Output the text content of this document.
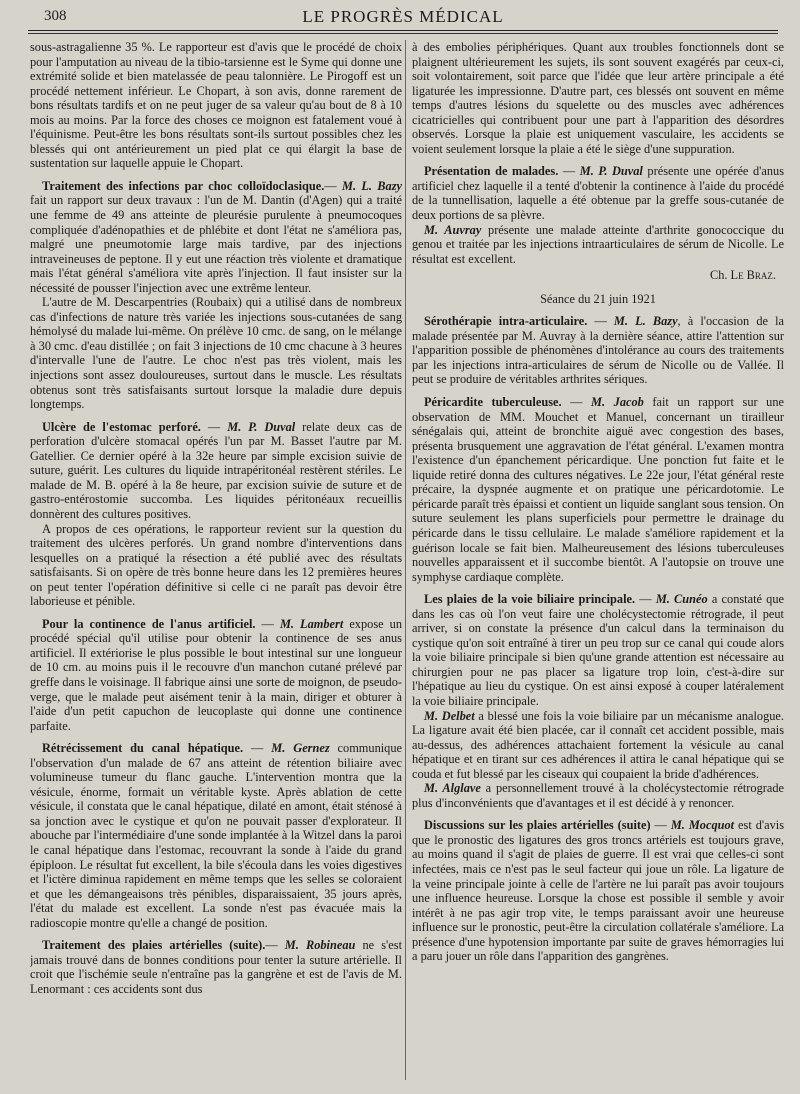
308	LE PROGRÈS MÉDICAL

sous-astragalienne 35 %. Le rapporteur est d'avis que le procédé de choix pour l'amputation au niveau de la tibio-tarsienne est le Syme qui donne une extrémité solide et bien matelassée de peau talonnière. Le Pirogoff est un procédé nettement inférieur. Le Chopart, à son avis, donne rarement de bons résultats tardifs et on ne peut juger de sa valeur qu'au bout de 8 à 10 mois au moins. Par la force des choses ce moignon est fatalement voué à l'équinisme. Peut-être les bons résultats sont-ils surtout possibles chez les blessés qui ont antérieurement un pied plat ce qui élargit la base de sustentation sur laquelle appuie le Chopart.

Traitement des infections par choc colloïdoclasique.— M. L. Bazy fait un rapport sur deux travaux : l'un de M. Dantin (d'Agen) qui a traité une femme de 49 ans atteinte de pleurésie purulente à pneumocoques compliquée d'adénopathies et de phlébite et dont l'état ne s'améliora pas, malgré une pneumotomie large mais tardive, par des injections intraveineuses de peptone. Il y eut une réaction très violente et dramatique mais l'état général s'améliora vite après l'injection. Il faut insister sur la nécessité de pousser l'injection avec une extrême lenteur.

L'autre de M. Descarpentries (Roubaix) qui a utilisé dans de nombreux cas d'infections de nature très variée les injections sous-cutanées de sang hémolysé du malade lui-même. On prélève 10 cmc. de sang, on le mélange à 30 cmc. d'eau distillée ; on fait 3 injections de 10 cmc chacune à 3 heures d'intervalle l'une de l'autre. Le choc n'est pas très violent, mais les injections sont assez douloureuses, surtout dans le muscle. Les résultats obtenus sont très satisfaisants surtout lorsque la maladie dure depuis longtemps.

Ulcère de l'estomac perforé. — M. P. Duval relate deux cas de perforation d'ulcère stomacal opérés l'un par M. Basset l'autre par M. Gatellier. Ce dernier opéré à la 32e heure par simple excision suivie de suture, guérit. Les cultures du liquide intrapéritonéal restèrent stériles. Le malade de M. B. opéré à la 8e heure, par excision suivie de suture et de gastro-entérostomie succomba. Les liquides péritonéaux recueillis donnèrent des cultures positives.

A propos de ces opérations, le rapporteur revient sur la question du traitement des ulcères perforés. Un grand nombre d'interventions dans lesquelles on a pratiqué la résection a été publié avec des résultats satisfaisants. Si on opère de très bonne heure dans les 12 premières heures on peut tenter l'opération définitive si celle ci ne paraît pas devoir être laborieuse et pénible.

Pour la continence de l'anus artificiel. — M. Lambert expose un procédé spécial qu'il utilise pour obtenir la continence de ses anus artificiel. Il extériorise le plus possible le bout intestinal sur une longueur de 10 cm. au moins puis il le recouvre d'un manchon cutané prélevé par greffe dans le voisinage. Il fabrique ainsi une sorte de moignon, de pseudo-verge, que le malade peut aisément tenir à la main, diriger et obturer à l'aide d'un petit capuchon de leucoplaste qui donne une continence parfaite.

Rétrécissement du canal hépatique. — M. Gernez communique l'observation d'un malade de 67 ans atteint de rétention biliaire avec volumineuse tumeur du flanc gauche. L'intervention montra que la vésicule, énorme, formait un véritable kyste. Après ablation de cette vésicule, il constata que le canal hépatique, dilaté en amont, était sténosé à sa jonction avec le cystique et qu'on ne pouvait passer d'explorateur. Il abouche par l'intermédiaire d'une sonde implantée à la Witzel dans la paroi le canal hépatique dans l'estomac, recouvrant la sonde à l'aide du grand épiploon. Le résultat fut excellent, la bile s'écoula dans les voies digestives et l'ictère diminua rapidement en même temps que les selles se coloraient et que les démangeaisons très pénibles, disparaissaient, 35 jours après, l'état du malade est excellent. La sonde n'est pas évacuée mais la radioscopie montre qu'elle a changé de position.

Traitement des plaies artérielles (suite).— M. Robineau ne s'est jamais trouvé dans de bonnes conditions pour tenter la suture artérielle. Il croit que l'ischémie seule n'entraîne pas la gangrène et est de l'avis de M. Lenormant : ces accidents sont dus

à des embolies périphériques. Quant aux troubles fonctionnels dont se plaignent ultérieurement les sujets, ils sont souvent exagérés par ceux-ci, soit volontairement, soit parce que l'idée que leur artère principale a été ligaturée les impressionne. D'autre part, ces blessés ont souvent en même temps d'autres lésions du squelette ou des muscles avec adhérences cicatricielles qui contribuent pour une part à l'apparition des désordres observés. Lorsque la plaie est uniquement vasculaire, les accidents se voient seulement lorsque la plaie a été le siège d'une suppuration.

Présentation de malades. — M. P. Duval présente une opérée d'anus artificiel chez laquelle il a tenté d'obtenir la continence à l'aide du procédé de la tunnellisation, laquelle a été obtenue par la greffe sous-cutanée de deux portions de sa plèvre.

M. Auvray présente une malade atteinte d'arthrite gonococcique du genou et traitée par les injections intraarticulaires de sérum de Nicolle. Le résultat est excellent.

Ch. Le Braz.

Séance du 21 juin 1921

Sérothérapie intra-articulaire. — M. L. Bazy, à l'occasion de la malade présentée par M. Auvray à la dernière séance, attire l'attention sur l'apparition possible de phénomènes d'intolérance au cours des traitements par les injections intra-articulaires de sérum de Nicolle ou de Vallée. Il peut se produire de véritables arthrites sériques.

Péricardite tuberculeuse. — M. Jacob fait un rapport sur une observation de MM. Mouchet et Manuel, concernant un tirailleur sénégalais qui, atteint de bronchite aiguë avec congestion des bases, présenta brusquement une aggravation de l'état général. L'examen montra l'existence d'un épanchement péricardique. Une ponction fut faite et le liquide retiré donna des cultures négatives. Le 22e jour, l'état général reste précaire, la dyspnée augmente et on pratique une péricardotomie. Le péricarde paraît très épaissi et contient un liquide sanglant sous tension. On suture seulement les plans superficiels pour permettre le drainage du péricarde dans le tissu cellulaire. Le malade s'améliore rapidement et la guérison locale se fait bien. Malheureusement des lésions tuberculeuses nouvelles apparaissent et il succombe bientôt. A l'autopsie on trouve une symphyse cardiaque complète.

Les plaies de la voie biliaire principale. — M. Cunéo a constaté que dans les cas où l'on veut faire une cholécystectomie rétrograde, il peut arriver, si on constate la présence d'un calcul dans la terminaison du cystique qu'on soit entraîné à tirer un peu trop sur ce canal qui coude alors la voie biliaire principale si bien qu'une grande attention est nécessaire au chirurgien pour ne pas placer sa ligature trop loin, c'est-à-dire sur l'hépatique au lieu du cystique. On est ainsi exposé à couper latéralement la voie biliaire principale.

M. Delbet a blessé une fois la voie biliaire par un mécanisme analogue. La ligature avait été bien placée, car il connaît cet accident possible, mais au-dessus, des adhérences attachaient fortement la vésicule au canal hépatique et en tirant sur ces adhérences il attira le canal hépatique qui se couda et fut blessé par les ciseaux qui coupaient la bride d'adhérences.

M. Alglave a personnellement trouvé à la cholécystectomie rétrograde plus d'inconvénients que d'avantages et il est décidé à y renoncer.

Discussions sur les plaies artérielles (suite) — M. Mocquot est d'avis que le pronostic des ligatures des gros troncs artériels est toujours grave, au moins quand il s'agit de plaies de guerre. Il est vrai que celles-ci sont infectées, mais ce n'est pas le seul facteur qui joue un rôle. La ligature de la veine principale jointe à celle de l'artère ne lui paraît pas avoir toujours une influence heureuse. Lorsque la chose est possible il semble y avoir intérêt à ne pas agir trop vite, le temps paraissant avoir une heureuse influence sur le pronostic, peut-être la circulation collatérale s'améliore. La présence d'une hypotension importante par suite de graves hémorragies lui a paru jouer un rôle dans l'apparition des gangrènes.
